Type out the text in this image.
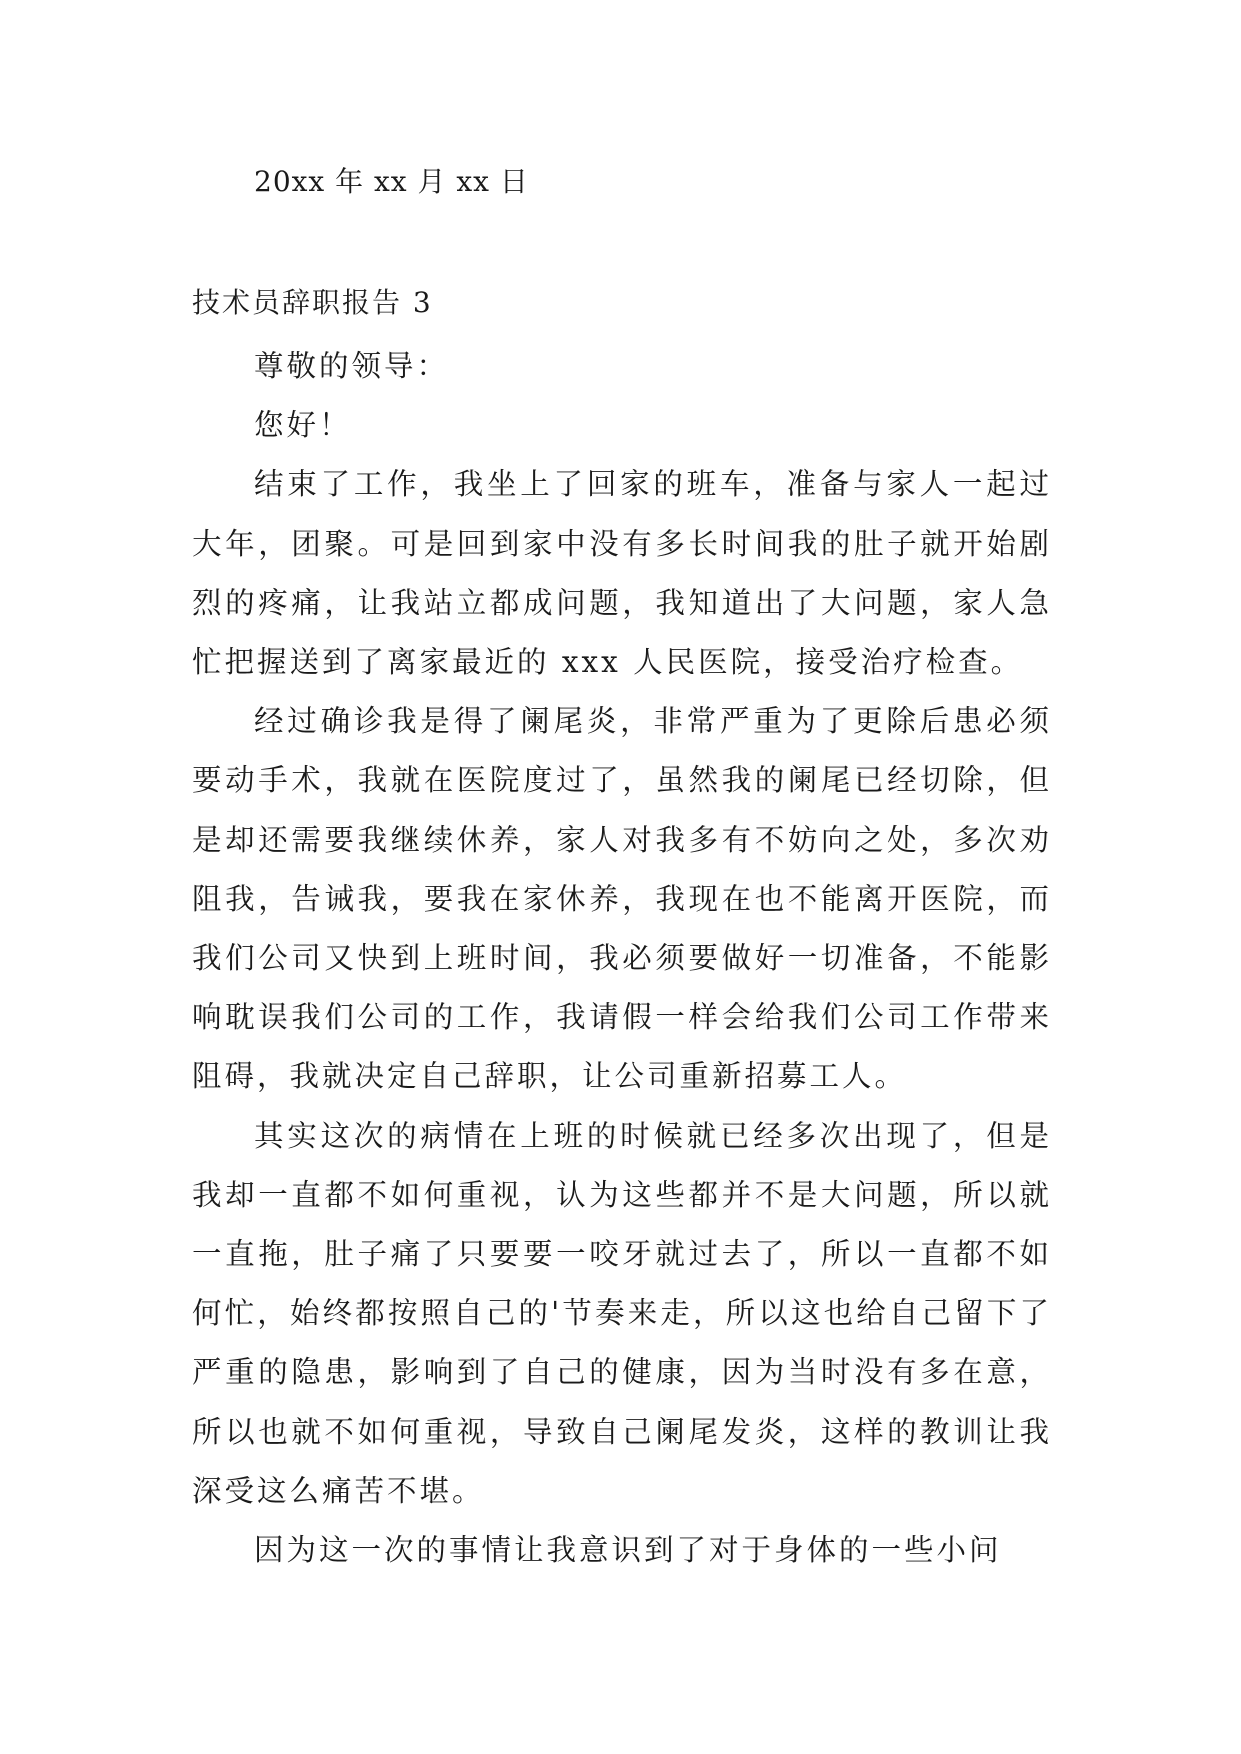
20xx 年 xx 月 xx 日
技术员辞职报告 3

尊敬的领导：

您好！

结束了工作，我坐上了回家的班车，准备与家人一起过大年，团聚。可是回到家中没有多长时间我的肚子就开始剧烈的疼痛，让我站立都成问题，我知道出了大问题，家人急忙把握送到了离家最近的 xxx 人民医院，接受治疗检查。

经过确诊我是得了阑尾炎，非常严重为了更除后患必须要动手术，我就在医院度过了，虽然我的阑尾已经切除，但是却还需要我继续休养，家人对我多有不妨向之处，多次劝阻我，告诫我，要我在家休养，我现在也不能离开医院，而我们公司又快到上班时间，我必须要做好一切准备，不能影响耽误我们公司的工作，我请假一样会给我们公司工作带来阻碍，我就决定自己辞职，让公司重新招募工人。

其实这次的病情在上班的时候就已经多次出现了，但是我却一直都不如何重视，认为这些都并不是大问题，所以就一直拖，肚子痛了只要要一咬牙就过去了，所以一直都不如何忙，始终都按照自己的'节奏来走，所以这也给自己留下了严重的隐患，影响到了自己的健康，因为当时没有多在意，所以也就不如何重视，导致自己阑尾发炎，这样的教训让我深受这么痛苦不堪。

因为这一次的事情让我意识到了对于身体的一些小问
